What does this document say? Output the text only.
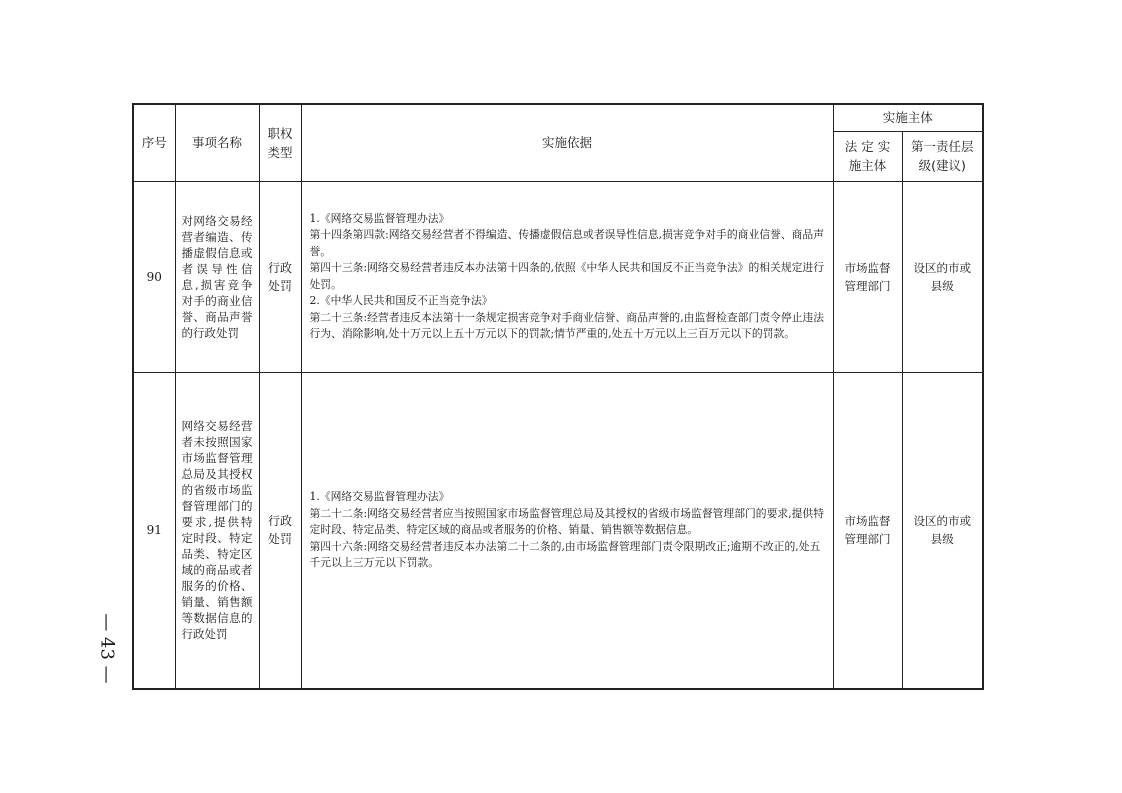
序号	事项名称	职权类型	实施依据	实施主体	
				法 定 实施主体	第一责任层级(建议)
90	对网络交易经营者编造、传播虚假信息或者误导性信息,损害竞争对手的商业信誉、商品声誉的行政处罚	行政处罚	1.《网络交易监督管理办法》

第十四条第四款:网络交易经营者不得编造、传播虚假信息或者误导性信息,损害竞争对手的商业信誉、商品声誉。

第四十三条:网络交易经营者违反本办法第十四条的,依照《中华人民共和国反不正当竞争法》的相关规定进行处罚。

2.《中华人民共和国反不正当竞争法》

第二十三条:经营者违反本法第十一条规定损害竞争对手商业信誉、商品声誉的,由监督检查部门责令停止违法行为、消除影响,处十万元以上五十万元以下的罚款;情节严重的,处五十万元以上三百万元以下的罚款。	市场监督管理部门	设区的市或县级
91	网络交易经营者未按照国家市场监督管理总局及其授权的省级市场监督管理部门的要求,提供特定时段、特定品类、特定区域的商品或者服务的价格、销量、销售额等数据信息的行政处罚	行政处罚	1.《网络交易监督管理办法》

第二十二条:网络交易经营者应当按照国家市场监督管理总局及其授权的省级市场监督管理部门的要求,提供特定时段、特定品类、特定区域的商品或者服务的价格、销量、销售额等数据信息。

第四十六条:网络交易经营者违反本办法第二十二条的,由市场监督管理部门责令限期改正;逾期不改正的,处五千元以上三万元以下罚款。	市场监督管理部门	设区的市或县级
— 43 —
